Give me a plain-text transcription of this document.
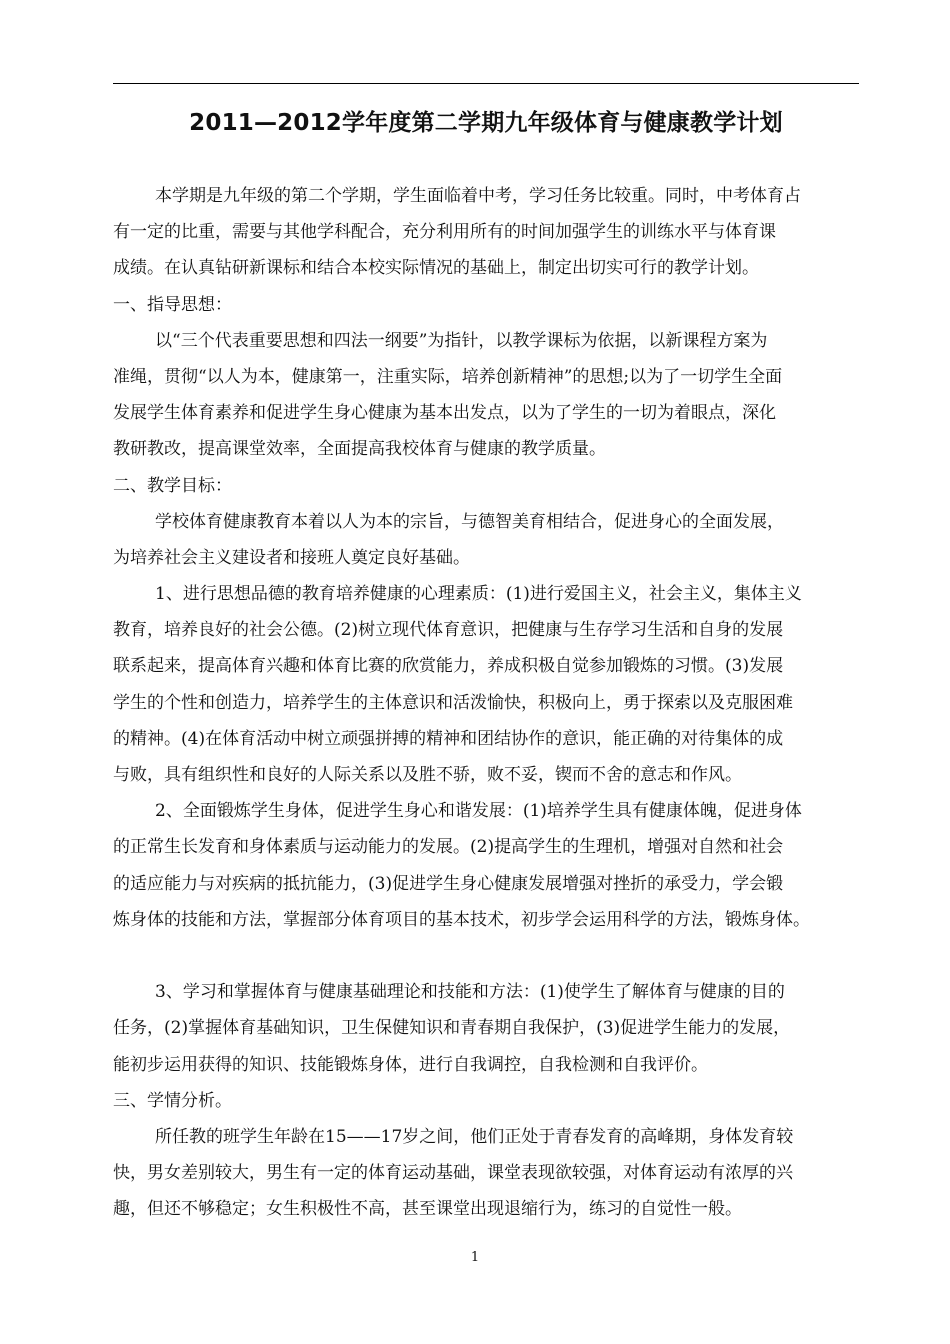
2011—2012学年度第二学期九年级体育与健康教学计划
本学期是九年级的第二个学期，学生面临着中考，学习任务比较重。同时，中考体育占
有一定的比重，需要与其他学科配合，充分利用所有的时间加强学生的训练水平与体育课
成绩。在认真钻研新课标和结合本校实际情况的基础上，制定出切实可行的教学计划。
一、指导思想：
以“三个代表重要思想和四法一纲要”为指针，以教学课标为依据，以新课程方案为
准绳，贯彻“以人为本，健康第一，注重实际，培养创新精神”的思想;以为了一切学生全面
发展学生体育素养和促进学生身心健康为基本出发点，以为了学生的一切为着眼点，深化
教研教改，提高课堂效率，全面提高我校体育与健康的教学质量。
二、教学目标：
学校体育健康教育本着以人为本的宗旨，与德智美育相结合，促进身心的全面发展，
为培养社会主义建设者和接班人奠定良好基础。
1、进行思想品德的教育培养健康的心理素质：(1)进行爱国主义，社会主义，集体主义
教育，培养良好的社会公德。(2)树立现代体育意识，把健康与生存学习生活和自身的发展
联系起来，提高体育兴趣和体育比赛的欣赏能力，养成积极自觉参加锻炼的习惯。(3)发展
学生的个性和创造力，培养学生的主体意识和活泼愉快，积极向上，勇于探索以及克服困难
的精神。(4)在体育活动中树立顽强拼搏的精神和团结协作的意识，能正确的对待集体的成
与败，具有组织性和良好的人际关系以及胜不骄，败不妥，锲而不舍的意志和作风。
2、全面锻炼学生身体，促进学生身心和谐发展：(1)培养学生具有健康体魄，促进身体
的正常生长发育和身体素质与运动能力的发展。(2)提高学生的生理机，增强对自然和社会
的适应能力与对疾病的抵抗能力，(3)促进学生身心健康发展增强对挫折的承受力，学会锻
炼身体的技能和方法，掌握部分体育项目的基本技术，初步学会运用科学的方法，锻炼身体。
3、学习和掌握体育与健康基础理论和技能和方法：(1)使学生了解体育与健康的目的
任务，(2)掌握体育基础知识，卫生保健知识和青春期自我保护，(3)促进学生能力的发展，
能初步运用获得的知识、技能锻炼身体，进行自我调控，自我检测和自我评价。
三、学情分析。
所任教的班学生年龄在15——17岁之间，他们正处于青春发育的高峰期，身体发育较
快，男女差别较大，男生有一定的体育运动基础，课堂表现欲较强，对体育运动有浓厚的兴
趣，但还不够稳定；女生积极性不高，甚至课堂出现退缩行为，练习的自觉性一般。
1
